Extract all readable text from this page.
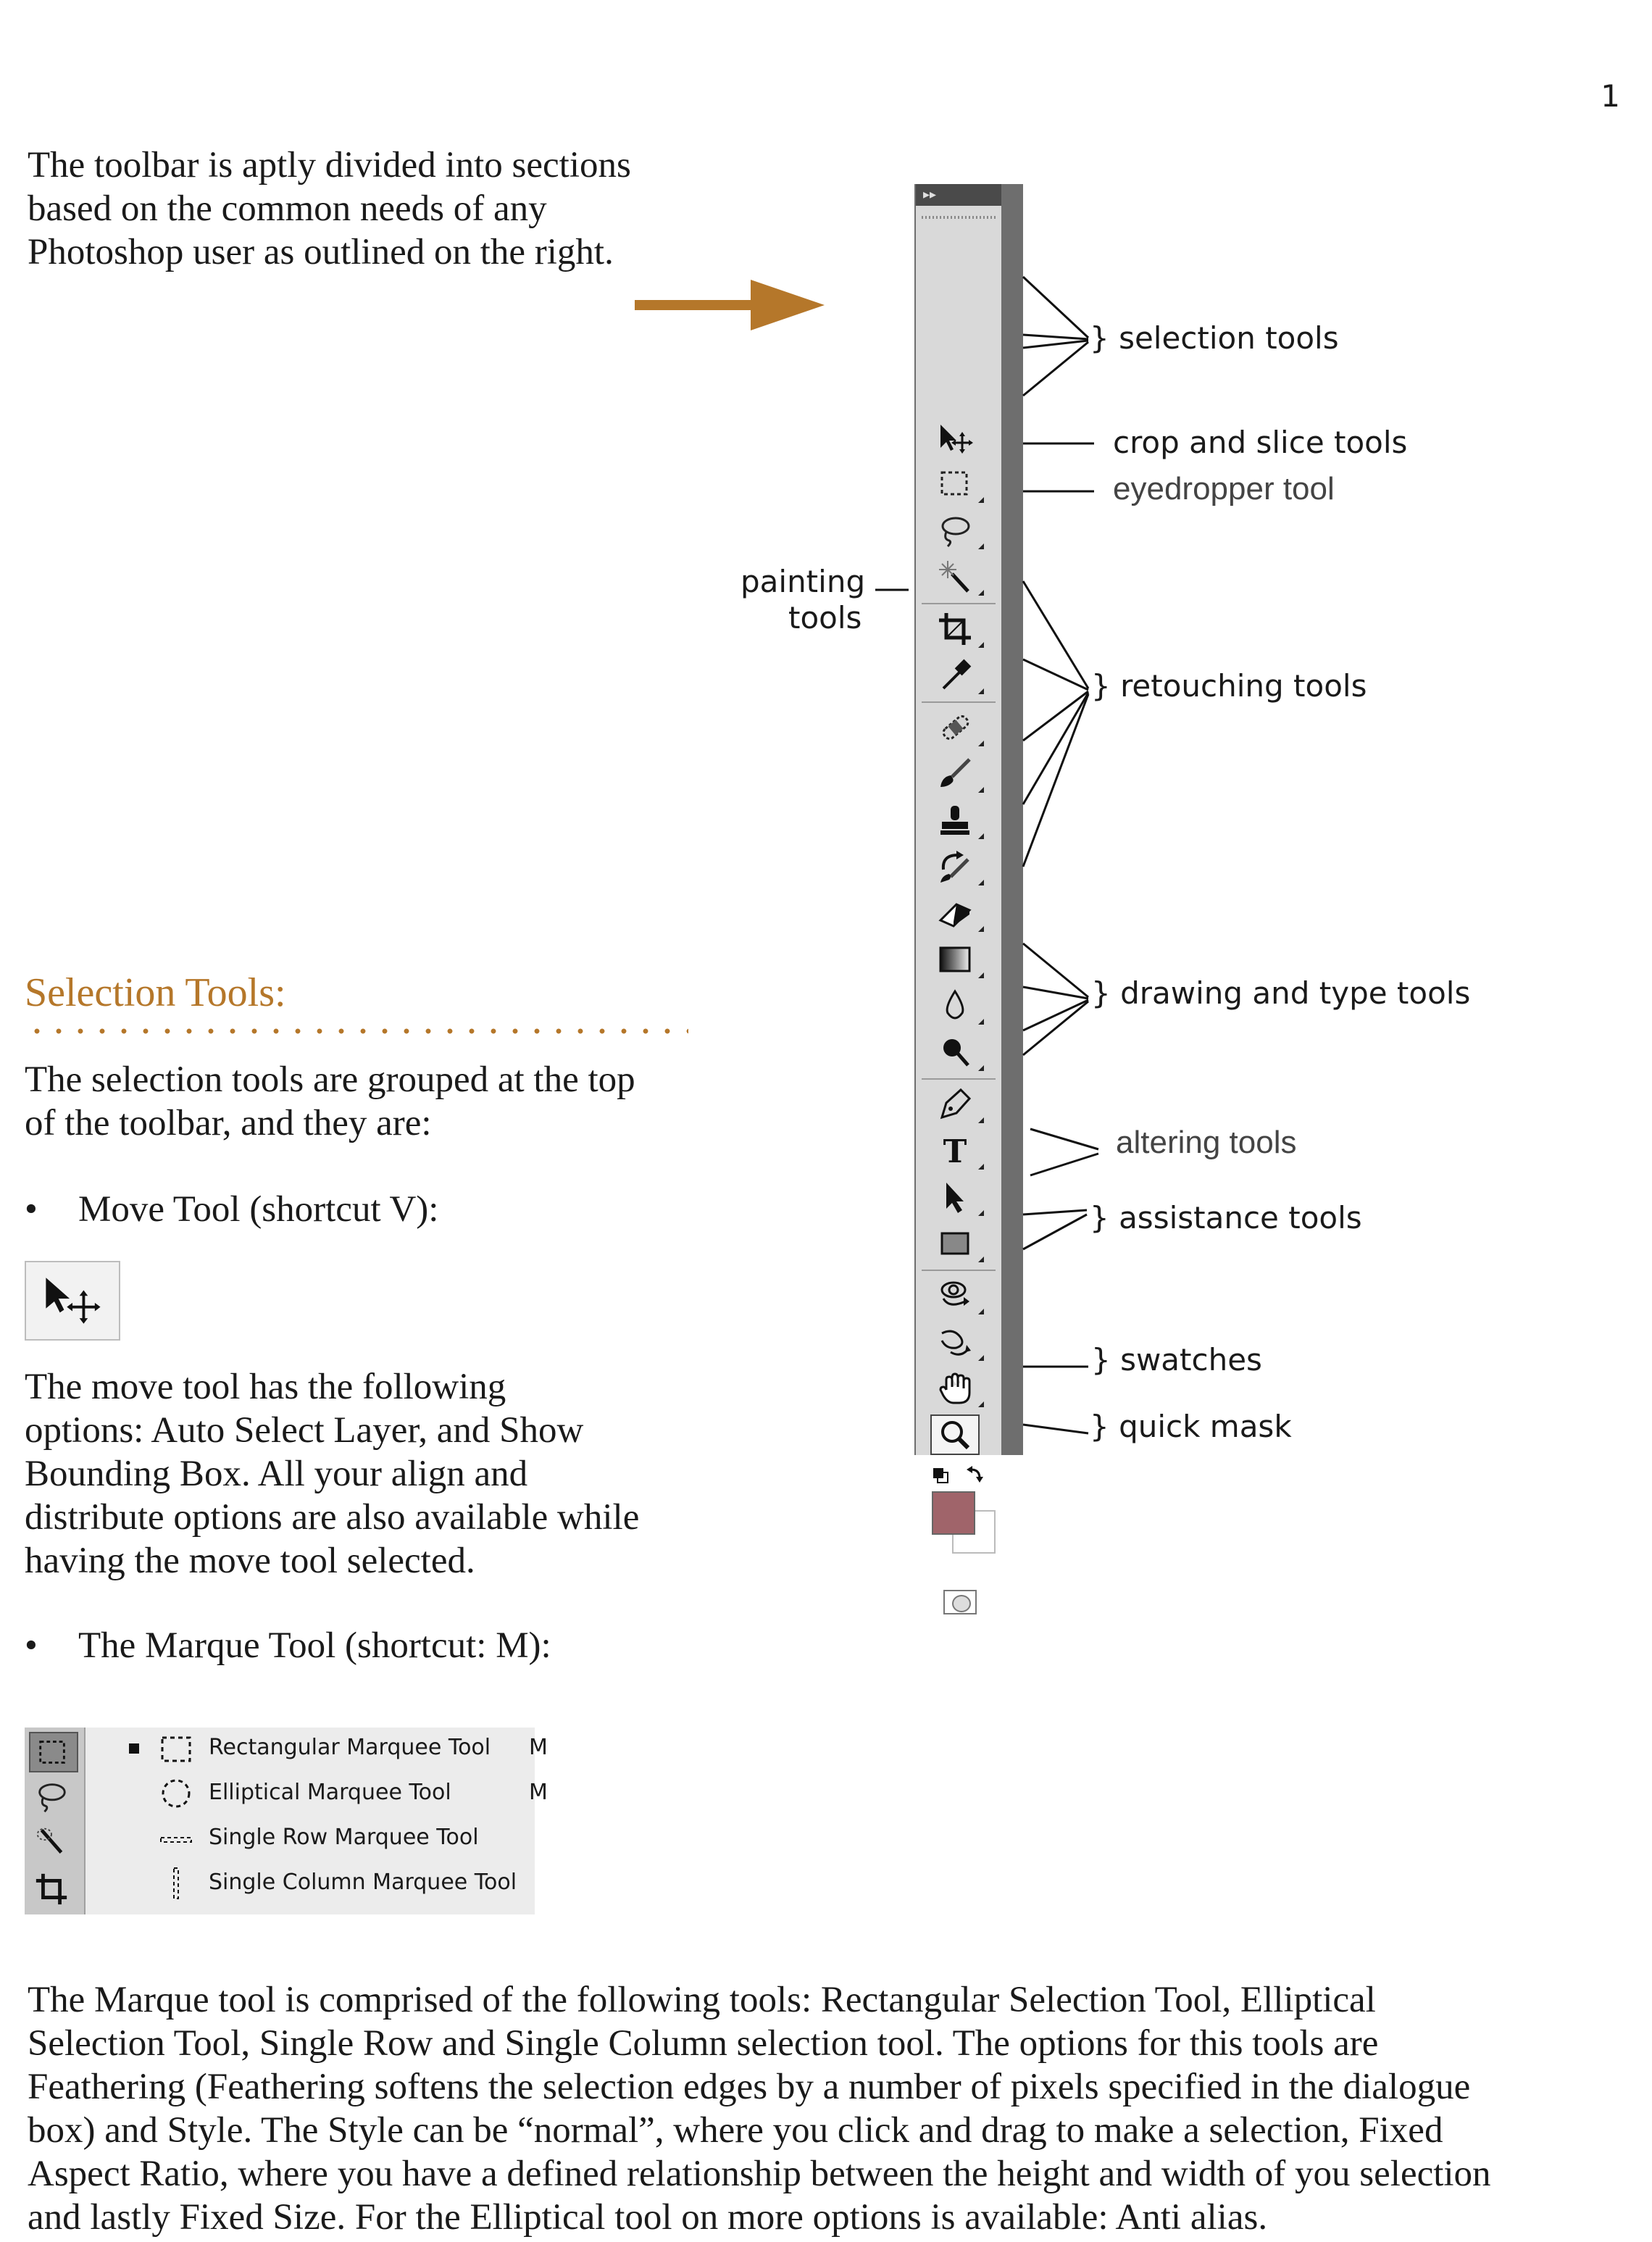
1

The toolbar is aptly divided into sections

based on the common needs of any

Photoshop user as outlined on the right.

▸▸
T
} selection tools
crop and slice tools
eyedropper tool
painting
tools
} retouching tools
} drawing and type tools
altering tools
} assistance tools
} swatches
} quick mask
Selection Tools:

The selection tools are grouped at the top

of the toolbar, and they are:

• Move Tool (shortcut V):

The move tool has the following

options: Auto Select Layer, and Show

Bounding Box. All your align and

distribute options are also available while

having the move tool selected.

• The Marque Tool (shortcut: M):
Rectangular Marquee Tool M
Elliptical Marquee Tool	M
Single Row Marquee Tool
Single Column Marquee Tool

The Marque tool is comprised of the following tools: Rectangular Selection Tool, Elliptical

Selection Tool, Single Row and Single Column selection tool. The options for this tools are

Feathering (Feathering softens the selection edges by a number of pixels specified in the dialogue

box) and Style. The Style can be “normal”, where you click and drag to make a selection, Fixed

Aspect Ratio, where you have a defined relationship between the height and width of you selection

and lastly Fixed Size. For the Elliptical tool on more options is available: Anti alias.
